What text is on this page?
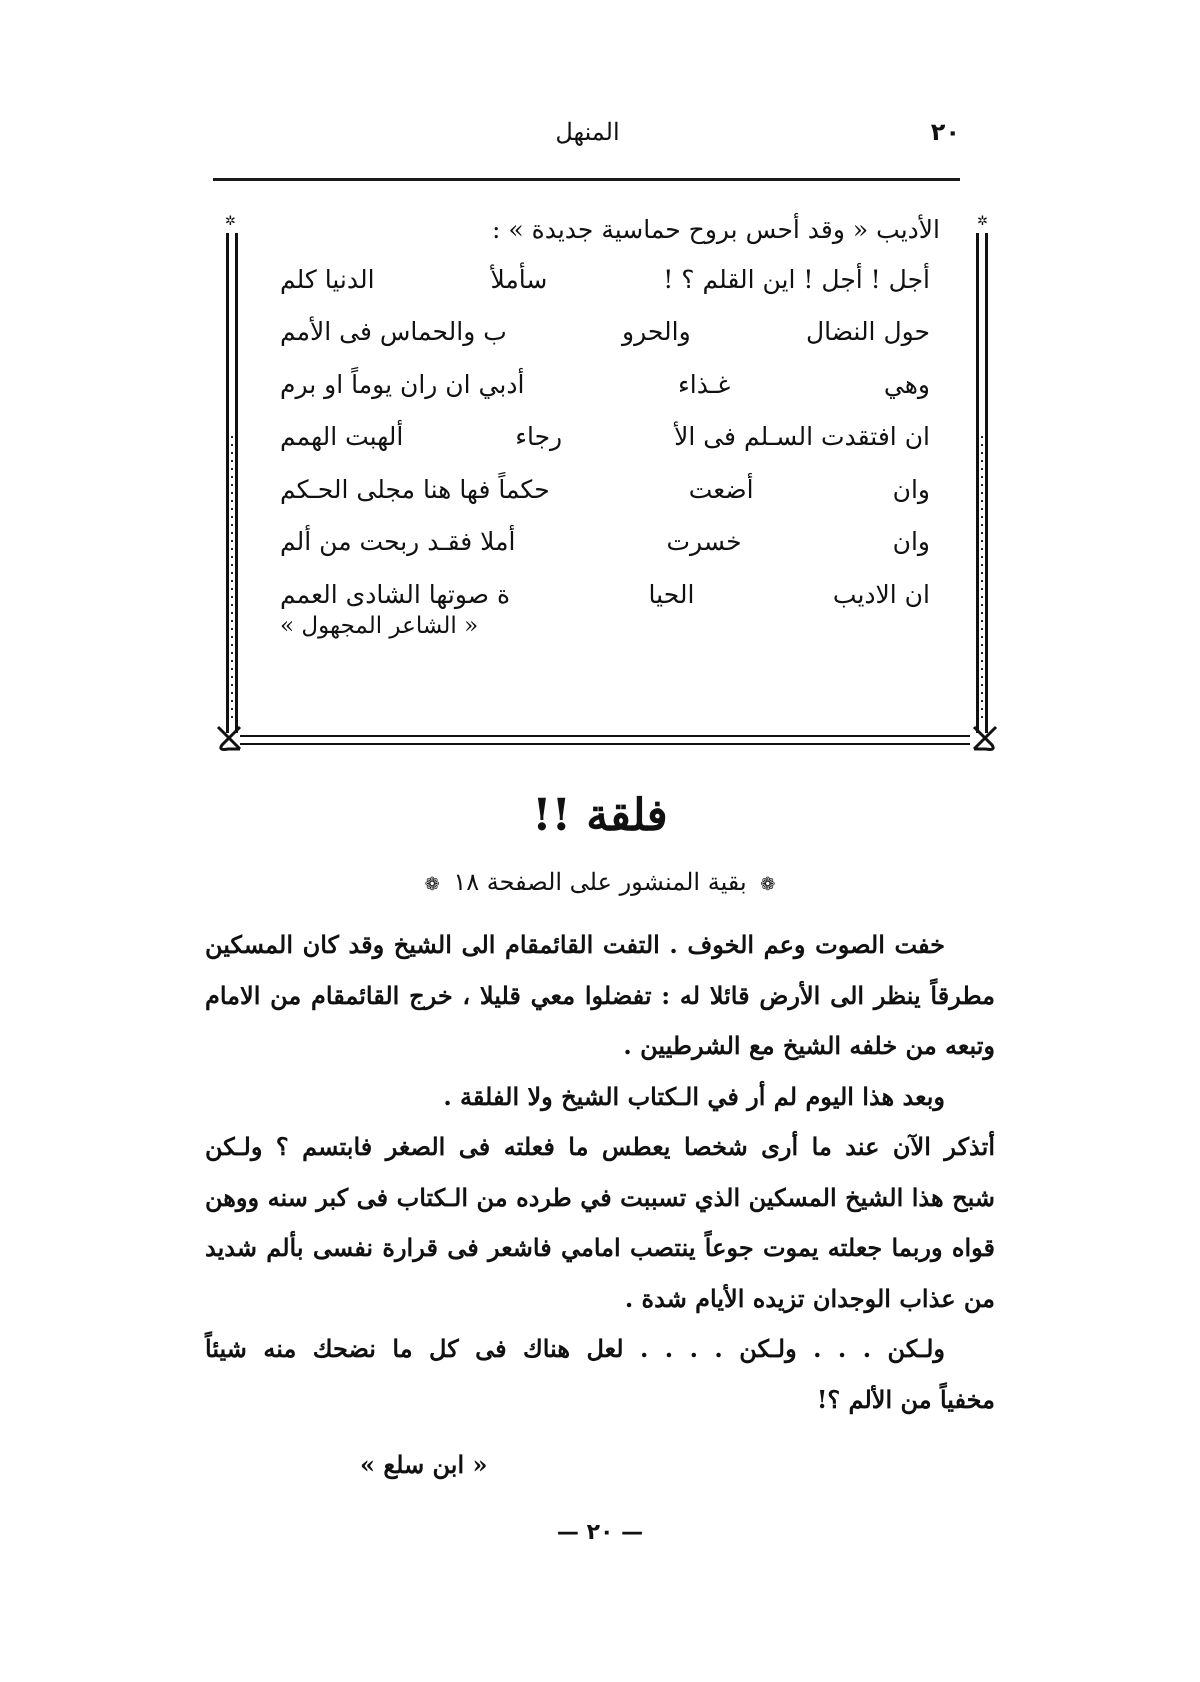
٢٠
المنهل
✲	✲
الأديب « وقد أحس بروح حماسية جديدة » :
أجل ! أجل ! اين القلم ؟ !
سأملأ
الدنيا كلم
حول النضال
والحرو
ب والحماس فى الأمم
وهي
غـذاء
أدبي ان ران يوماً او برم
ان افتقدت السـلم فى الأ
رجاء
ألهبت الهمم
وان
أضعت
حكماً فها هنا مجلى الحـكم
وان
خسرت
أملا فقـد ربحت من ألم
ان الاديب
الحيا
ة صوتها الشادى العمم
« الشاعر المجهول »
فلقة !!
❁ بقية المنشور على الصفحة ١٨ ❁
خفت الصوت وعم الخوف . التفت القائمقام الى الشيخ وقد كان المسكين
مطرقاً ينظر الى الأرض قائلا له : تفضلوا معي قليلا ، خرج القائمقام من الامام
وتبعه من خلفه الشيخ مع الشرطيين .
وبعد هذا اليوم لم أر في الـكتاب الشيخ ولا الفلقة .
أتذكر الآن عند ما أرى شخصا يعطس ما فعلته فى الصغر فابتسم ؟ ولـكن
شبح هذا الشيخ المسكين الذي تسببت في طرده من الـكتاب فى كبر سنه ووهن
قواه وربما جعلته يموت جوعاً ينتصب امامي فاشعر فى قرارة نفسى بألم شديد
من عذاب الوجدان تزيده الأيام شدة .
ولـكن . . . ولـكن . . . . لعل هناك فى كل ما نضحك منه شيئاً
مخفياً من الألم ؟!
« ابن سلع »
— ٢٠ —
